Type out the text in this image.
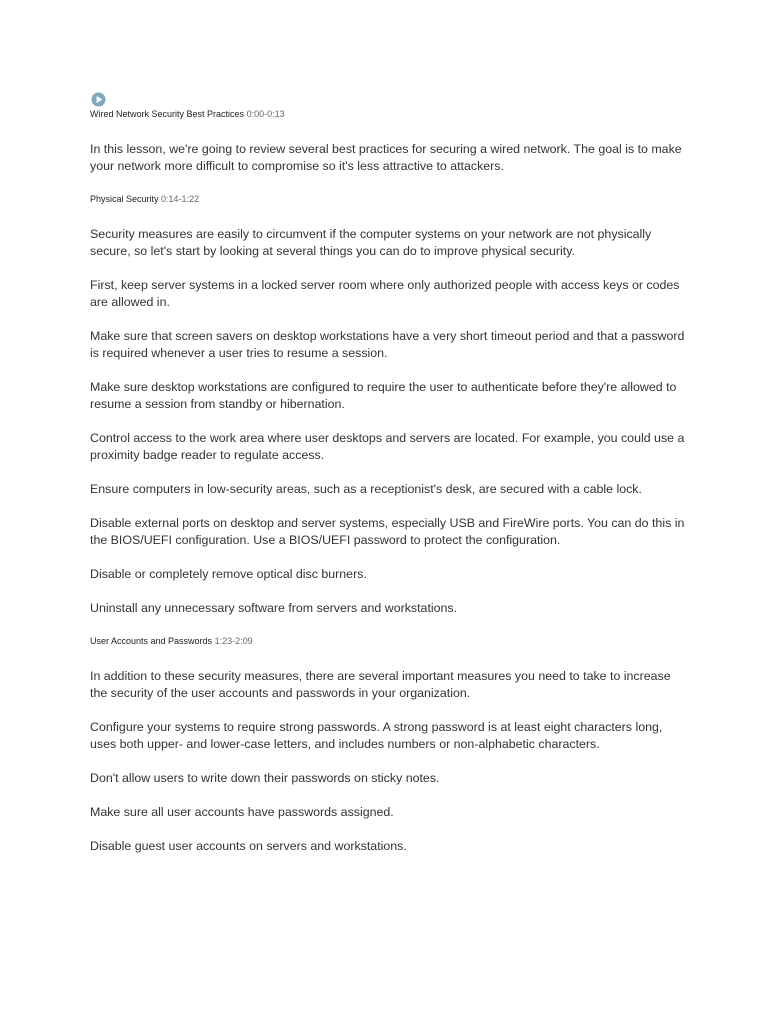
Wired Network Security Best Practices 0:00-0:13

In this lesson, we're going to review several best practices for securing a wired network. The goal is to make your network more difficult to compromise so it's less attractive to attackers.

Physical Security 0:14-1:22

Security measures are easily to circumvent if the computer systems on your network are not physically secure, so let's start by looking at several things you can do to improve physical security.

First, keep server systems in a locked server room where only authorized people with access keys or codes are allowed in.

Make sure that screen savers on desktop workstations have a very short timeout period and that a password is required whenever a user tries to resume a session.

Make sure desktop workstations are configured to require the user to authenticate before they're allowed to resume a session from standby or hibernation.

Control access to the work area where user desktops and servers are located. For example, you could use a proximity badge reader to regulate access.

Ensure computers in low-security areas, such as a receptionist's desk, are secured with a cable lock.

Disable external ports on desktop and server systems, especially USB and FireWire ports. You can do this in the BIOS/UEFI configuration. Use a BIOS/UEFI password to protect the configuration.

Disable or completely remove optical disc burners.

Uninstall any unnecessary software from servers and workstations.

User Accounts and Passwords 1:23-2:09

In addition to these security measures, there are several important measures you need to take to increase the security of the user accounts and passwords in your organization.

Configure your systems to require strong passwords. A strong password is at least eight characters long, uses both upper- and lower-case letters, and includes numbers or non-alphabetic characters.

Don't allow users to write down their passwords on sticky notes.

Make sure all user accounts have passwords assigned.

Disable guest user accounts on servers and workstations.
